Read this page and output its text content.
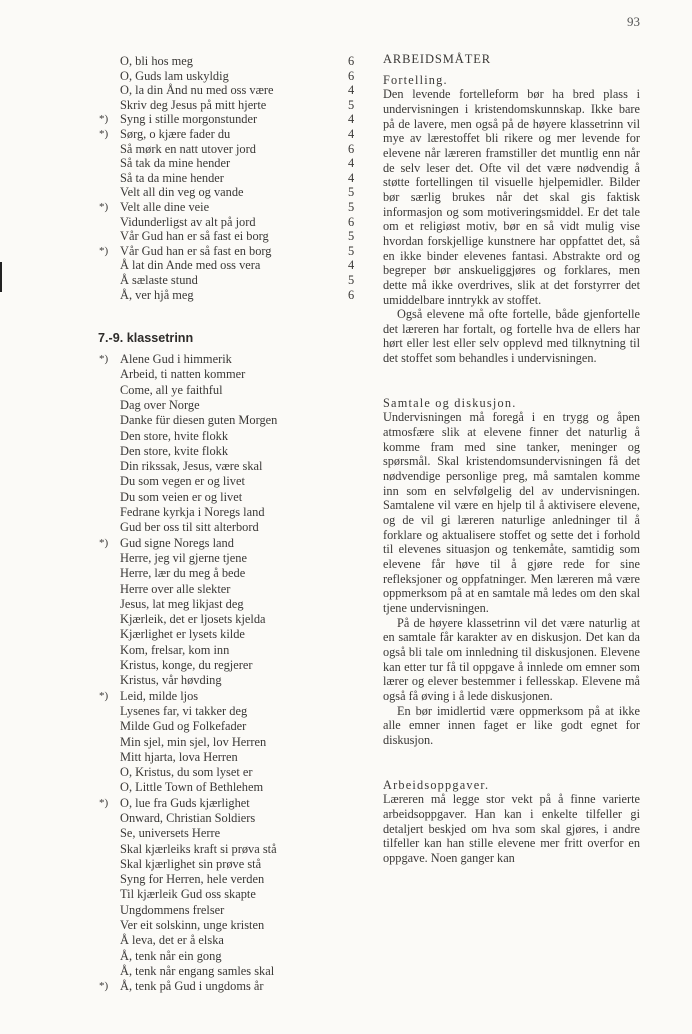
93
O, bli hos meg	6
O, Guds lam uskyldig	6
O, la din Ånd nu med oss være	4
Skriv deg Jesus på mitt hjerte	5
*) Syng i stille morgonstunder	4
*) Sørg, o kjære fader du	4
Så mørk en natt utover jord	6
Så tak da mine hender	4
Så ta da mine hender	4
Velt all din veg og vande	5
*) Velt alle dine veie	5
Vidunderligst av alt på jord	6
Vår Gud han er så fast ei borg	5
*) Vår Gud han er så fast en borg	5
Å lat din Ande med oss vera	4
Å sælaste stund	5
Å, ver hjå meg	6
7.-9. klassetrinn
*) Alene Gud i himmerik
Arbeid, ti natten kommer
Come, all ye faithful
Dag over Norge
Danke für diesen guten Morgen
Den store, hvite flokk
Den store, kvite flokk
Din rikssak, Jesus, være skal
Du som vegen er og livet
Du som veien er og livet
Fedrane kyrkja i Noregs land
Gud ber oss til sitt alterbord
*) Gud signe Noregs land
Herre, jeg vil gjerne tjene
Herre, lær du meg å bede
Herre over alle slekter
Jesus, lat meg likjast deg
Kjærleik, det er ljosets kjelda
Kjærlighet er lysets kilde
Kom, frelsar, kom inn
Kristus, konge, du regjerer
Kristus, vår høvding
*) Leid, milde ljos
Lysenes far, vi takker deg
Milde Gud og Folkefader
Min sjel, min sjel, lov Herren
Mitt hjarta, lova Herren
O, Kristus, du som lyset er
O, Little Town of Bethlehem
*) O, lue fra Guds kjærlighet
Onward, Christian Soldiers
Se, universets Herre
Skal kjærleiks kraft si prøva stå
Skal kjærlighet sin prøve stå
Syng for Herren, hele verden
Til kjærleik Gud oss skapte
Ungdommens frelser
Ver eit solskinn, unge kristen
Å leva, det er å elska
Å, tenk når ein gong
Å, tenk når engang samles skal
*) Å, tenk på Gud i ungdoms år
ARBEIDSMÅTER

Fortelling.

Den levende fortelleform bør ha bred plass i undervisningen i kristendomskunnskap. Ikke bare på de lavere, men også på de høyere klassetrinn vil mye av lærestoffet bli rikere og mer levende for elevene når læreren framstiller det muntlig enn når de selv leser det. Ofte vil det være nødvendig å støtte fortellingen til visuelle hjelpemidler. Bilder bør særlig brukes når det skal gis faktisk informasjon og som motiveringsmiddel. Er det tale om et religiøst motiv, bør en så vidt mulig vise hvordan forskjellige kunstnere har oppfattet det, så en ikke binder elevenes fantasi. Abstrakte ord og begreper bør anskueliggjøres og forklares, men dette må ikke overdrives, slik at det forstyrrer det umiddelbare inntrykk av stoffet.

Også elevene må ofte fortelle, både gjenfortelle det læreren har fortalt, og fortelle hva de ellers har hørt eller lest eller selv opplevd med tilknytning til det stoffet som behandles i undervisningen.

Samtale og diskusjon.

Undervisningen må foregå i en trygg og åpen atmosfære slik at elevene finner det naturlig å komme fram med sine tanker, meninger og spørsmål. Skal kristendomsundervisningen få det nødvendige personlige preg, må samtalen komme inn som en selvfølgelig del av undervisningen. Samtalene vil være en hjelp til å aktivisere elevene, og de vil gi læreren naturlige anledninger til å forklare og aktualisere stoffet og sette det i forhold til elevenes situasjon og tenkemåte, samtidig som elevene får høve til å gjøre rede for sine refleksjoner og oppfatninger. Men læreren må være oppmerksom på at en samtale må ledes om den skal tjene undervisningen.

På de høyere klassetrinn vil det være naturlig at en samtale får karakter av en diskusjon. Det kan da også bli tale om innledning til diskusjonen. Elevene kan etter tur få til oppgave å innlede om emner som lærer og elever bestemmer i fellesskap. Elevene må også få øving i å lede diskusjonen.

En bør imidlertid være oppmerksom på at ikke alle emner innen faget er like godt egnet for diskusjon.

Arbeidsoppgaver.

Læreren må legge stor vekt på å finne varierte arbeidsoppgaver. Han kan i enkelte tilfeller gi detaljert beskjed om hva som skal gjøres, i andre tilfeller kan han stille elevene mer fritt overfor en oppgave. Noen ganger kan
